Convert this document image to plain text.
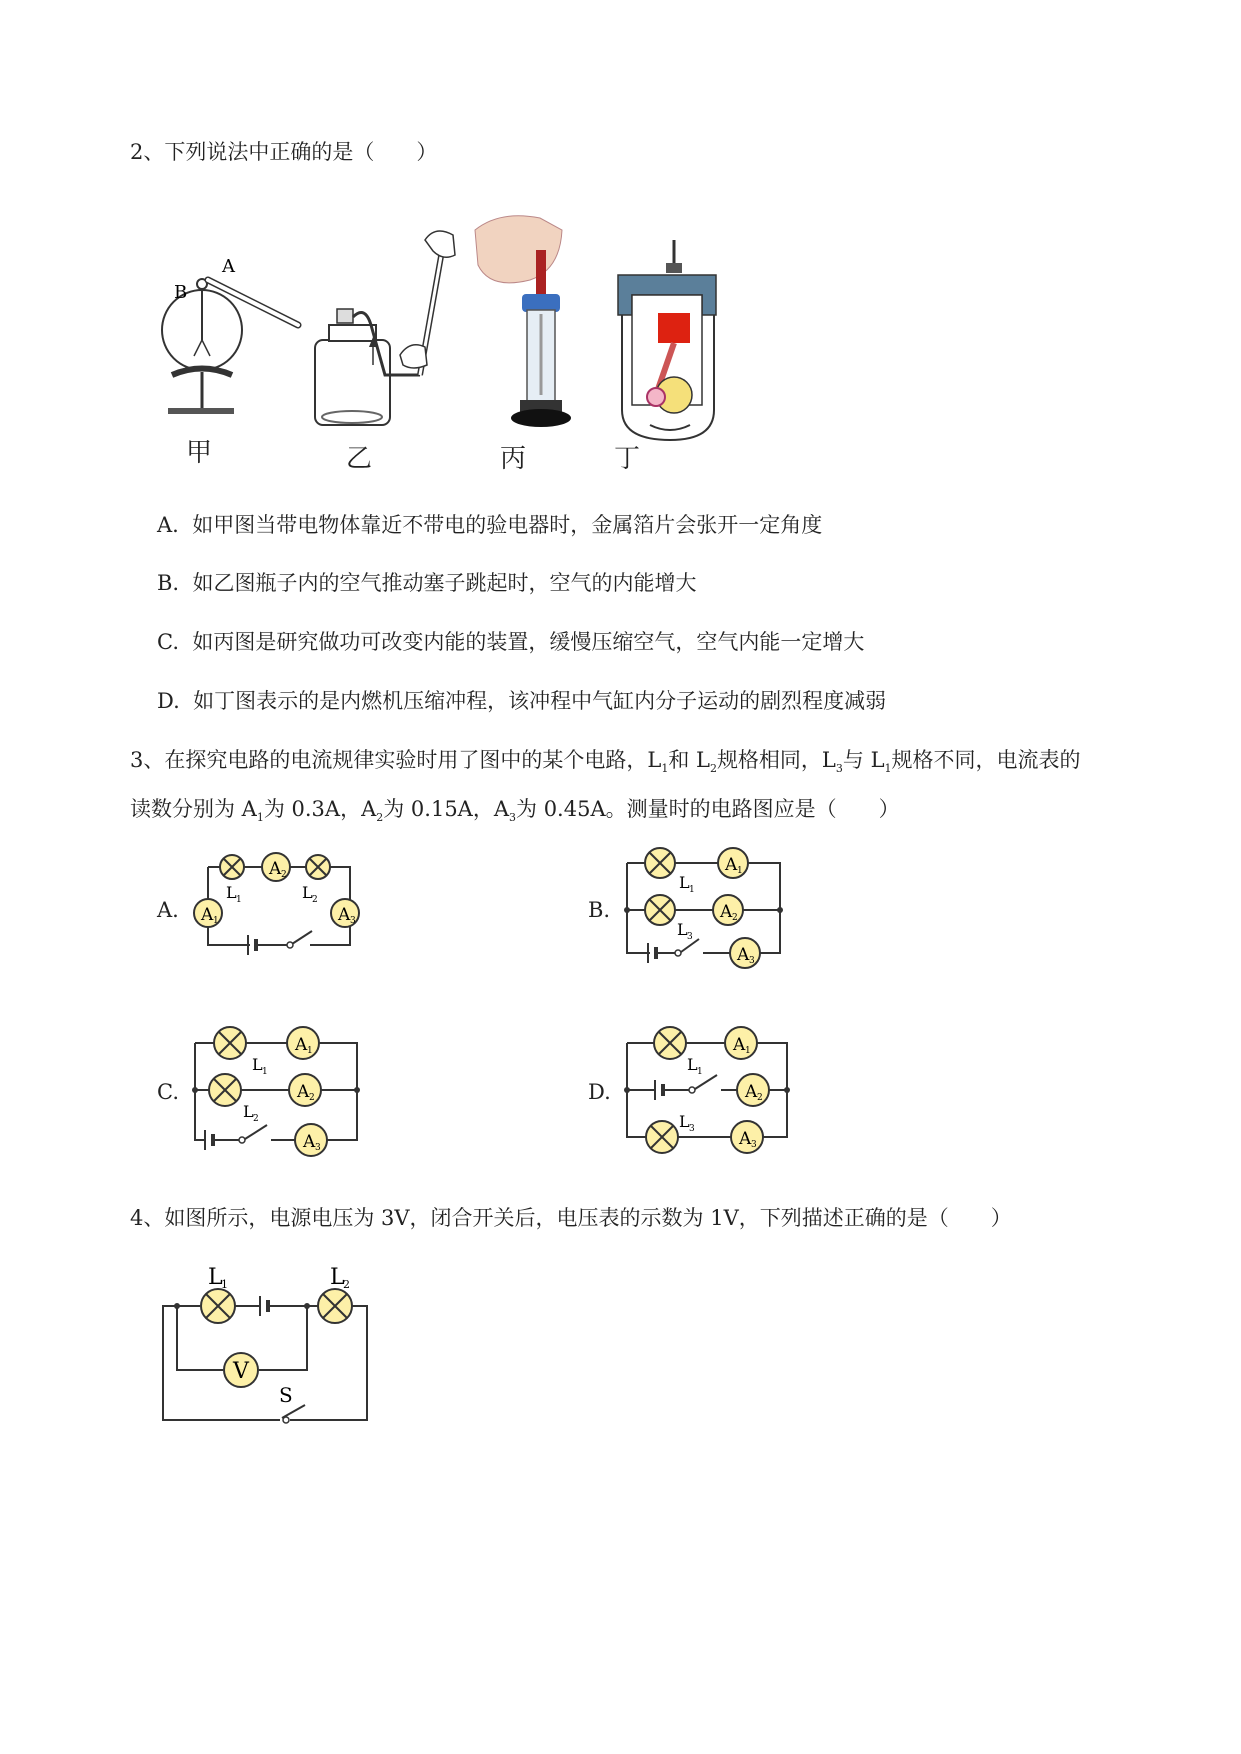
2、下列说法中正确的是（　　）
A
B
甲	乙	丙	丁
A. 如甲图当带电物体靠近不带电的验电器时，金属箔片会张开一定角度
B. 如乙图瓶子内的空气推动塞子跳起时，空气的内能增大
C. 如丙图是研究做功可改变内能的装置，缓慢压缩空气，空气内能一定增大
D. 如丁图表示的是内燃机压缩冲程，该冲程中气缸内分子运动的剧烈程度减弱
3、在探究电路的电流规律实验时用了图中的某个电路，$L_1$和 $L_2$规格相同，$L_3$与 $L_1$规格不同，电流表的
读数分别为 $A_1$为 0.3A，$A_2$为 0.15A，$A_3$为 0.45A。测量时的电路图应是（　　）
A.	B.
C.	D.
A 2
A 1	A 3
L 1	L 2
A 1
A 2
A 3
L 1
L 3
A 1
A 2
A 3
L 1
L 2
A 1
A 2
A 3
L 1
L 3
4、如图所示，电源电压为 3V，闭合开关后，电压表的示数为 1V，下列描述正确的是（　　）
L
1	L
2
V
S
